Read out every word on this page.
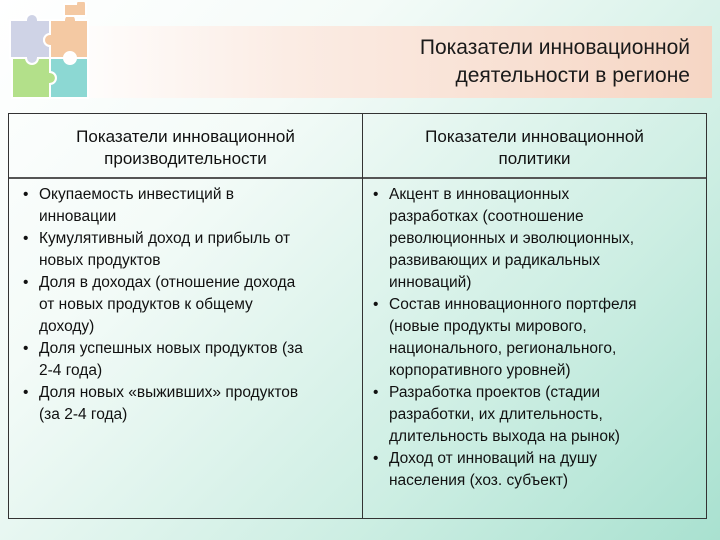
Показатели инновационной
деятельности в регионе
Показатели инновационной
производительности
Показатели инновационной
политики
• Окупаемость инвестиций в
инновации
• Кумулятивный доход и прибыль от
новых продуктов
• Доля в доходах (отношение дохода
от новых продуктов к общему
доходу)
• Доля успешных новых продуктов (за
2-4 года)
• Доля новых «выживших» продуктов
(за 2-4 года)
• Акцент в инновационных
разработках (соотношение
революционных и эволюционных,
развивающих и радикальных
инноваций)
• Состав инновационного портфеля
(новые продукты мирового,
национального, регионального,
корпоративного уровней)
• Разработка проектов (стадии
разработки, их длительность,
длительность выхода на рынок)
• Доход от инноваций на душу
населения (хоз. субъект)
